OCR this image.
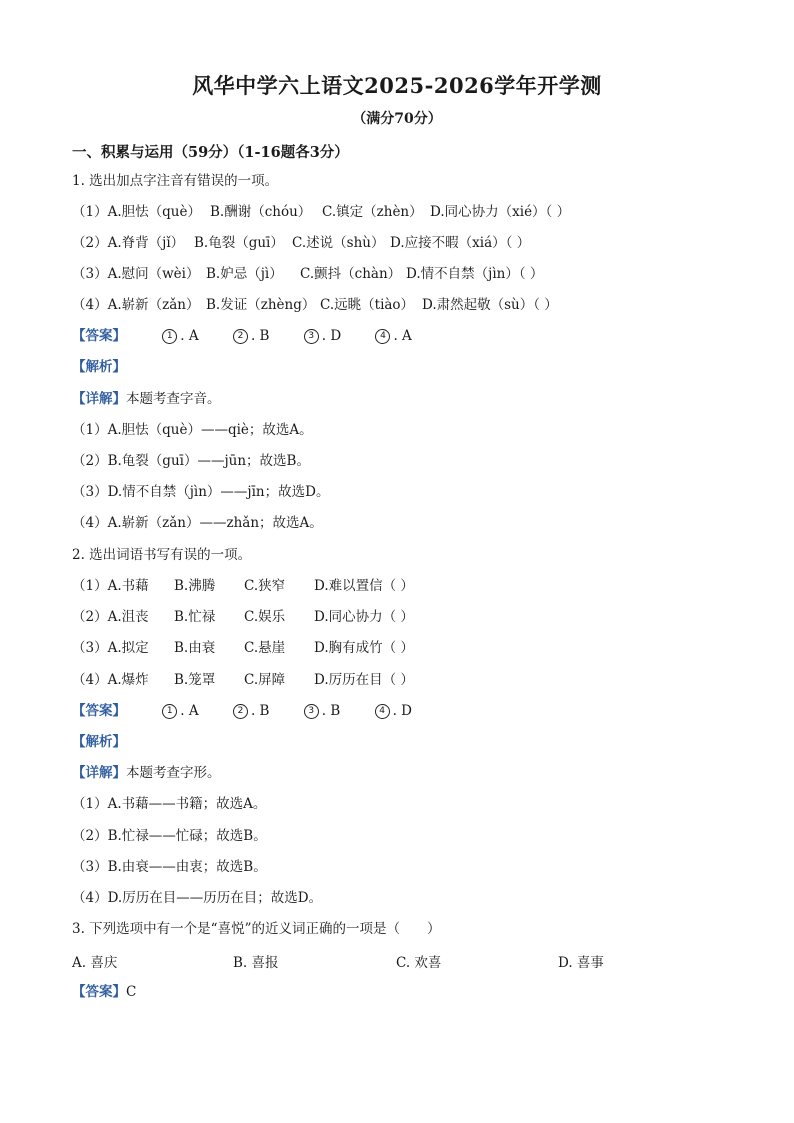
风华中学六上语文2025-2026学年开学测
（满分70分）
一、积累与运用（59分）（1-16题各3分）
1. 选出加点字注音有错误的一项。
（1）A.胆怯（què） B.酬谢（chóu） C.镇定（zhèn） D.同心协力（xié）（ ）
（2）A.脊背（jǐ） B.龟裂（guī） C.述说（shù） D.应接不暇（xiá）（ ）
（3）A.慰问（wèi） B.妒忌（jì） C.颤抖（chàn） D.情不自禁（jìn）（ ）
（4）A.崭新（zǎn） B.发证（zhèng） C.远眺（tiào） D.肃然起敬（sù）（ ）
【答案】	1 . A	2 . B	3 . D	4 . A
【解析】
【详解】本题考查字音。
（1）A.胆怯（què）——qiè；故选A。
（2）B.龟裂（guī）——jūn；故选B。
（3）D.情不自禁（jìn）——jīn；故选D。
（4）A.崭新（zǎn）——zhǎn；故选A。
2. 选出词语书写有误的一项。
（1）A.书藉 B.沸腾 C.狭窄 D.难以置信（ ）
（2）A.沮丧 B.忙禄 C.娱乐 D.同心协力（ ）
（3）A.拟定 B.由衰 C.悬崖 D.胸有成竹（ ）
（4）A.爆炸 B.笼罩 C.屏障 D.厉历在目（ ）
【答案】	1 . A	2 . B	3 . B	4 . D
【解析】
【详解】本题考查字形。
（1）A.书藉——书籍；故选A。
（2）B.忙禄——忙碌；故选B。
（3）B.由衰——由衷；故选B。
（4）D.厉历在目——历历在目；故选D。
3. 下列选项中有一个是“喜悦”的近义词正确的一项是（　　）
A. 喜庆	B. 喜报	C. 欢喜	D. 喜事
【答案】C
